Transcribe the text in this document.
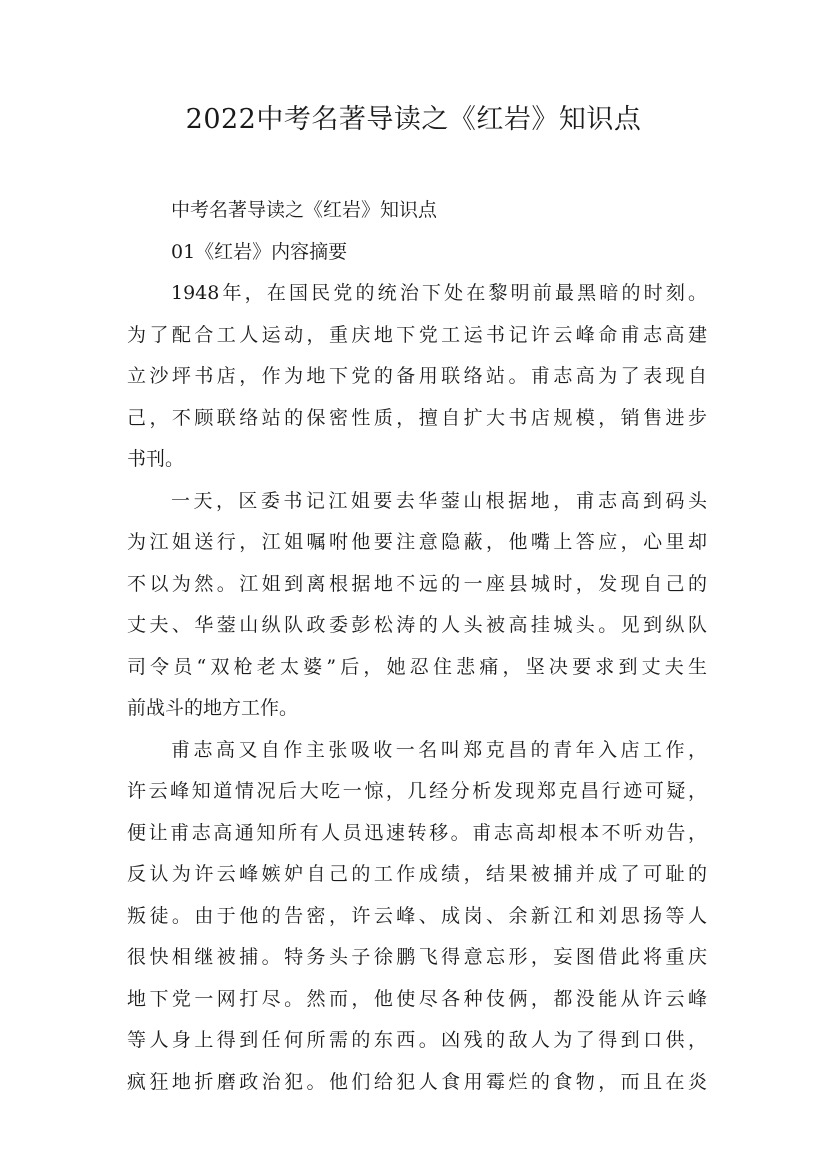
2022中考名著导读之《红岩》知识点
中考名著导读之《红岩》知识点
01《红岩》内容摘要
1948年，在国民党的统治下处在黎明前最黑暗的时刻。
为了配合工人运动，重庆地下党工运书记许云峰命甫志高建
立沙坪书店，作为地下党的备用联络站。甫志高为了表现自
己，不顾联络站的保密性质，擅自扩大书店规模，销售进步
书刊。
一天，区委书记江姐要去华蓥山根据地，甫志高到码头
为江姐送行，江姐嘱咐他要注意隐蔽，他嘴上答应，心里却
不以为然。江姐到离根据地不远的一座县城时，发现自己的
丈夫、华蓥山纵队政委彭松涛的人头被高挂城头。见到纵队
司令员“双枪老太婆”后，她忍住悲痛，坚决要求到丈夫生
前战斗的地方工作。
甫志高又自作主张吸收一名叫郑克昌的青年入店工作，
许云峰知道情况后大吃一惊，几经分析发现郑克昌行迹可疑，
便让甫志高通知所有人员迅速转移。甫志高却根本不听劝告，
反认为许云峰嫉妒自己的工作成绩，结果被捕并成了可耻的
叛徒。由于他的告密，许云峰、成岗、余新江和刘思扬等人
很快相继被捕。特务头子徐鹏飞得意忘形，妄图借此将重庆
地下党一网打尽。然而，他使尽各种伎俩，都没能从许云峰
等人身上得到任何所需的东西。凶残的敌人为了得到口供，
疯狂地折磨政治犯。他们给犯人食用霉烂的食物，而且在炎
